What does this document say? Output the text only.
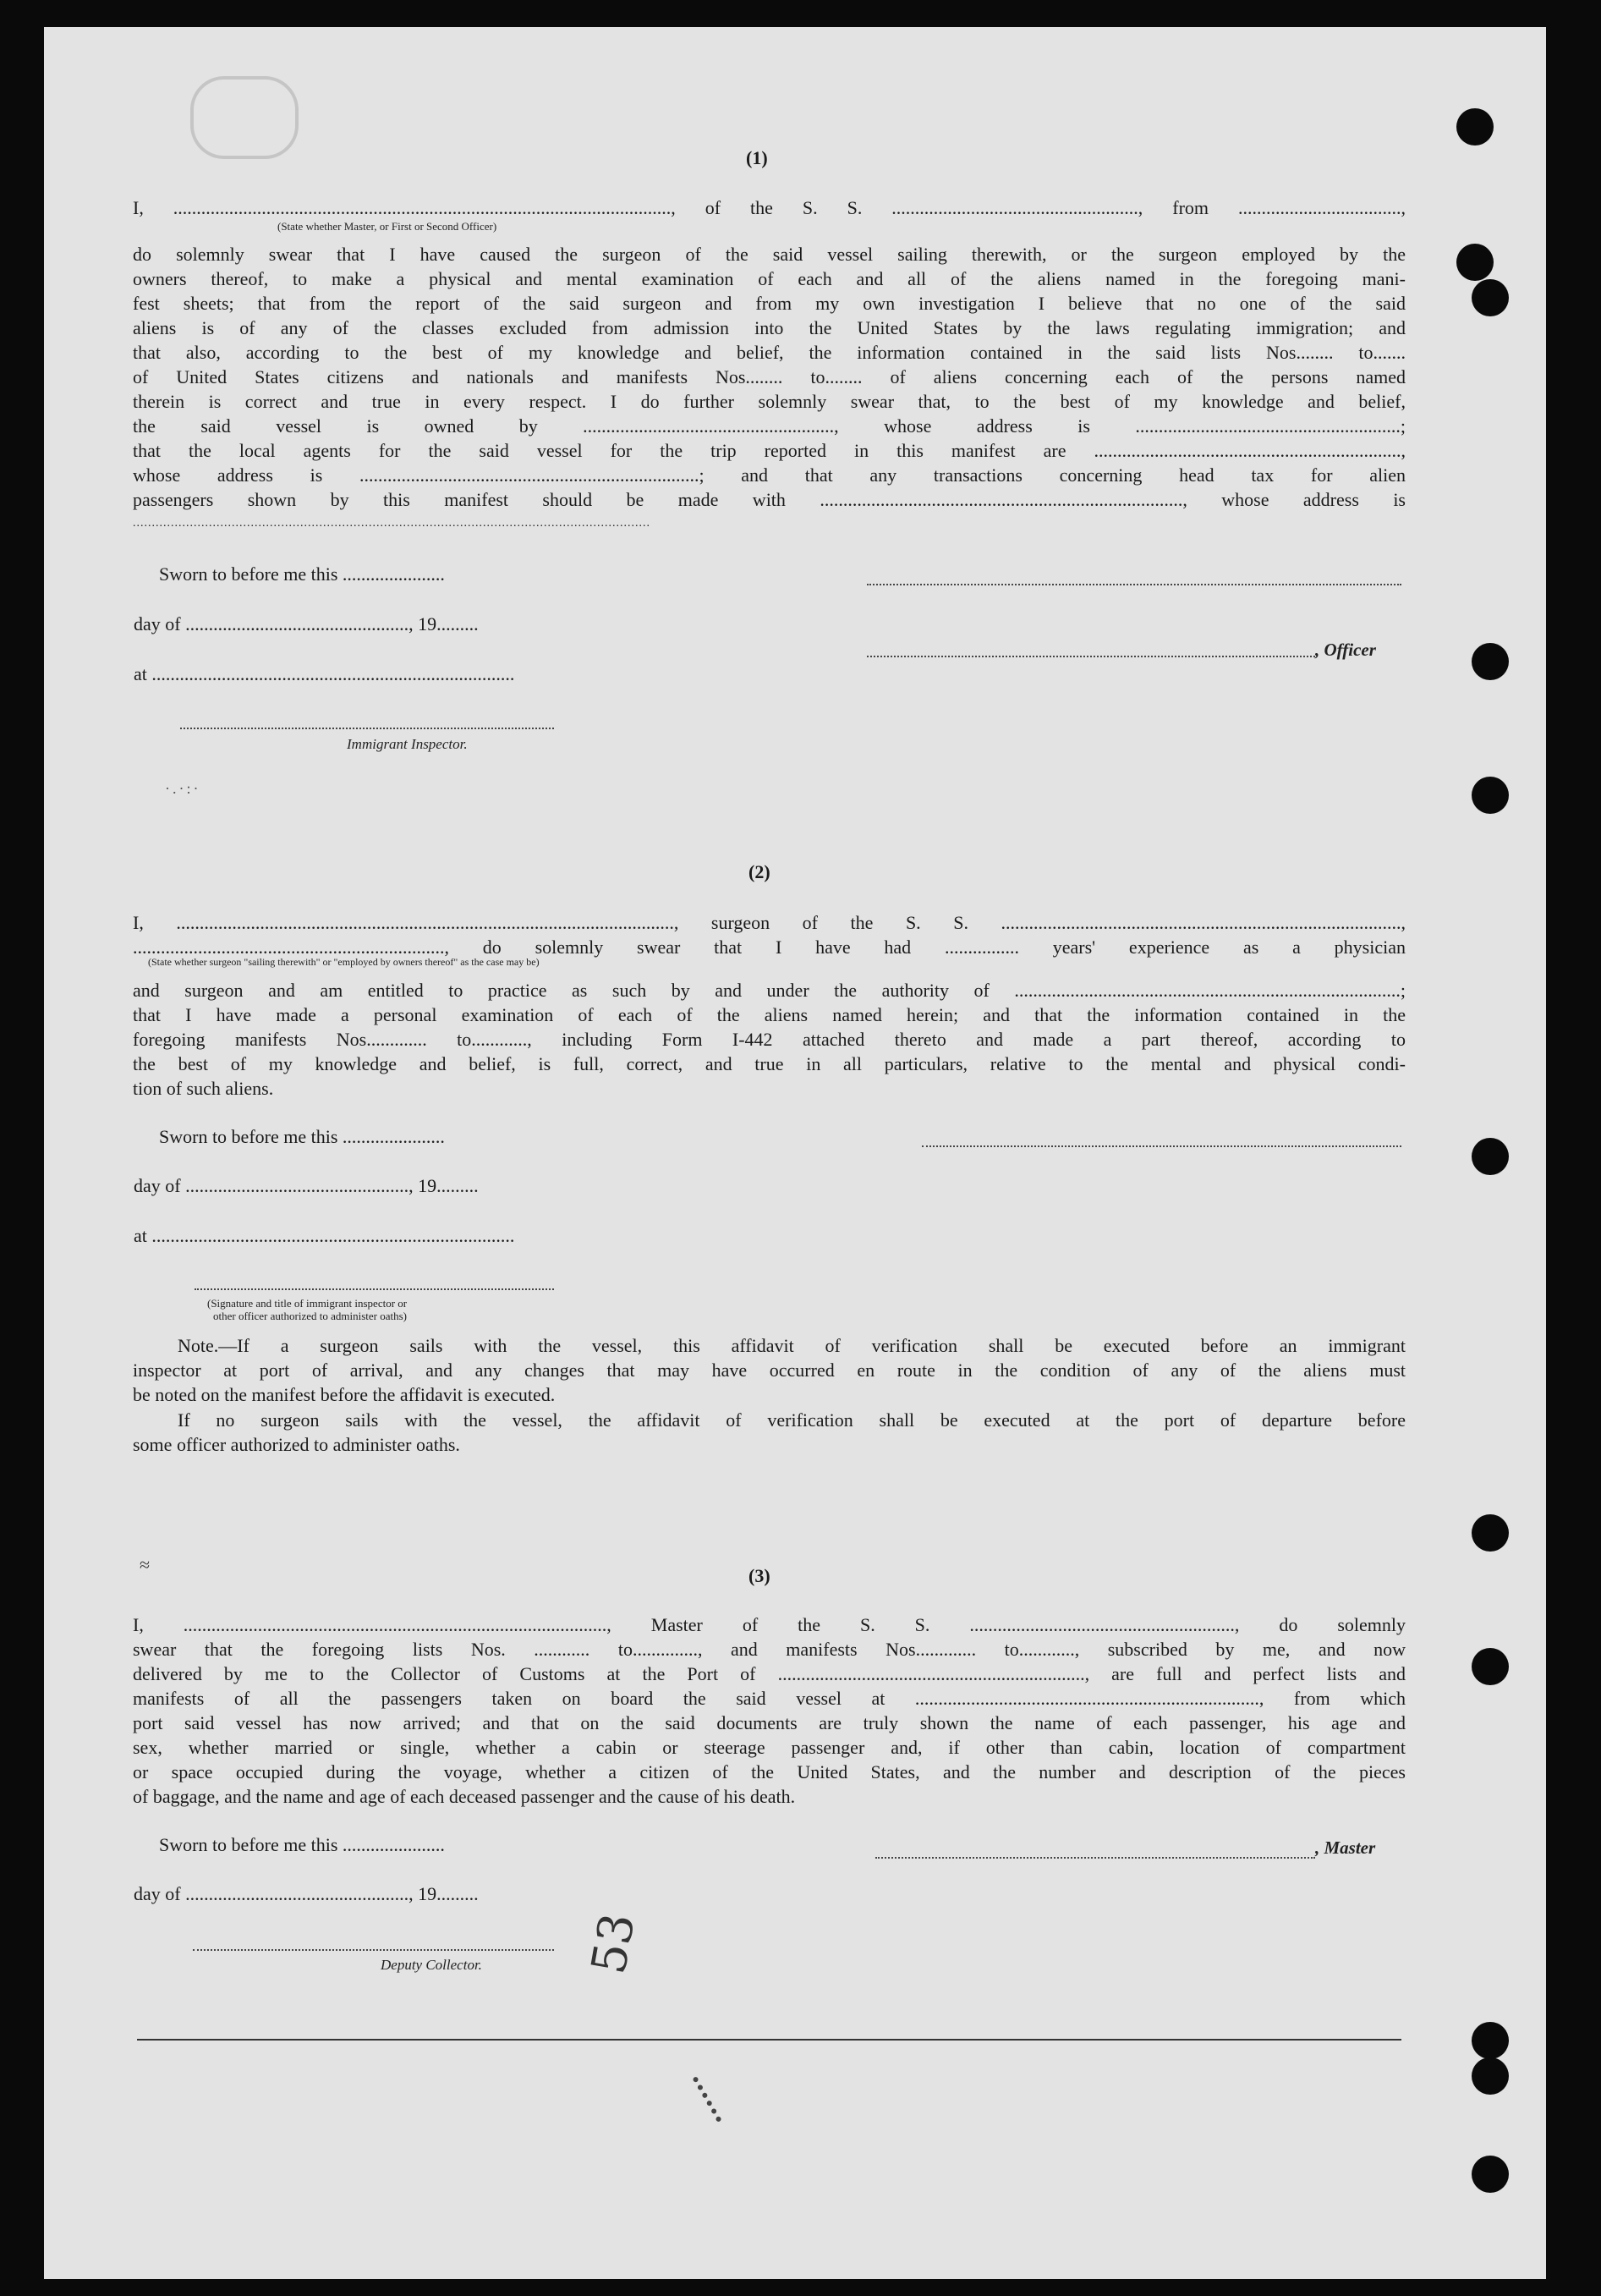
(1)
I, ..........................................................................................................., of the S. S. ....................................................., from ...................................,
(State whether Master, or First or Second Officer)
do solemnly swear that I have caused the surgeon of the said vessel sailing therewith, or the surgeon employed by the
owners thereof, to make a physical and mental examination of each and all of the aliens named in the foregoing mani-
fest sheets; that from the report of the said surgeon and from my own investigation I believe that no one of the said
aliens is of any of the classes excluded from admission into the United States by the laws regulating immigration; and
that also, according to the best of my knowledge and belief, the information contained in the said lists Nos........ to.......
of United States citizens and nationals and manifests Nos........ to........ of aliens concerning each of the persons named
therein is correct and true in every respect. I do further solemnly swear that, to the best of my knowledge and belief,
the said vessel is owned by ......................................................, whose address is .........................................................;
that the local agents for the said vessel for the trip reported in this manifest are ..................................................................,
whose address is .........................................................................; and that any transactions concerning head tax for alien
passengers shown by this manifest should be made with .............................................................................., whose address is
........................................................................................................................................
Sworn to before me this ......................
day of ................................................, 19.........
, Officer
at ..............................................................................
Immigrant Inspector.
·.·:·
(2)
I, ..........................................................................................................., surgeon of the S. S. ......................................................................................,
..................................................................., do solemnly swear that I have had ................ years' experience as a physician
(State whether surgeon "sailing therewith" or "employed by owners thereof" as the case may be)
and surgeon and am entitled to practice as such by and under the authority of ...................................................................................;
that I have made a personal examination of each of the aliens named herein; and that the information contained in the
foregoing manifests Nos............. to............, including Form I-442 attached thereto and made a part thereof, according to
the best of my knowledge and belief, is full, correct, and true in all particulars, relative to the mental and physical condi-
tion of such aliens.
Sworn to before me this ......................
day of ................................................, 19.........
at ..............................................................................
(Signature and title of immigrant inspector or
other officer authorized to administer oaths)
Note.—If a surgeon sails with the vessel, this affidavit of verification shall be executed before an immigrant
inspector at port of arrival, and any changes that may have occurred en route in the condition of any of the aliens must
be noted on the manifest before the affidavit is executed.
If no surgeon sails with the vessel, the affidavit of verification shall be executed at the port of departure before
some officer authorized to administer oaths.
≈
(3)
I, ..........................................................................................., Master of the S. S. ........................................................., do solemnly
swear that the foregoing lists Nos. ............ to.............., and manifests Nos............. to............, subscribed by me, and now
delivered by me to the Collector of Customs at the Port of .................................................................., are full and perfect lists and
manifests of all the passengers taken on board the said vessel at .........................................................................., from which
port said vessel has now arrived; and that on the said documents are truly shown the name of each passenger, his age and
sex, whether married or single, whether a cabin or steerage passenger and, if other than cabin, location of compartment
or space occupied during the voyage, whether a citizen of the United States, and the number and description of the pieces
of baggage, and the name and age of each deceased passenger and the cause of his death.
Sworn to before me this ......................	, Master
day of ................................................, 19.........
Deputy Collector. 53
